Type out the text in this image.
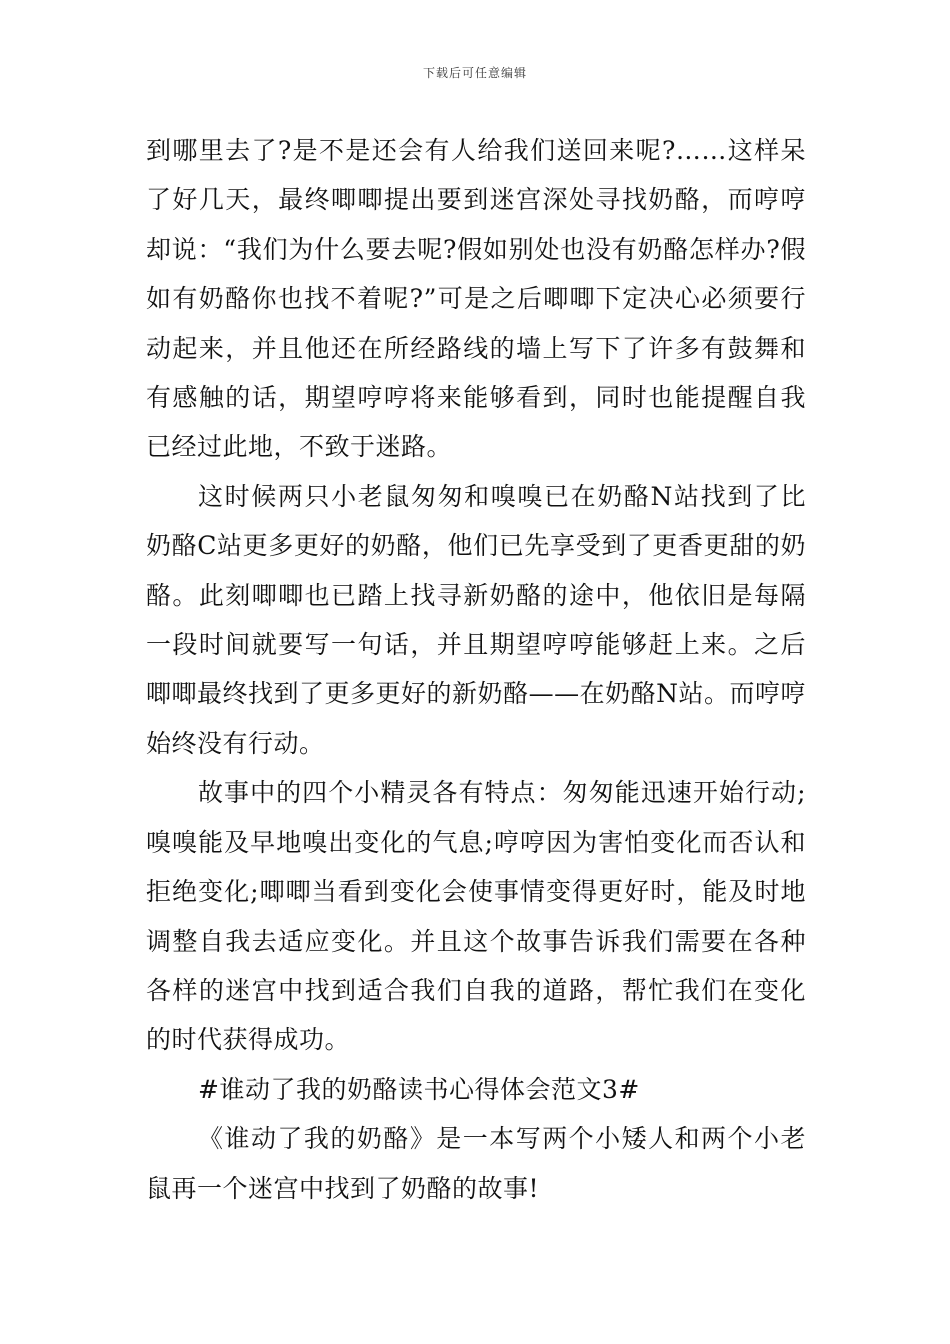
下载后可任意编辑

到哪里去了?是不是还会有人给我们送回来呢?……这样呆了好几天，最终唧唧提出要到迷宫深处寻找奶酪，而哼哼却说：“我们为什么要去呢?假如别处也没有奶酪怎样办?假如有奶酪你也找不着呢?”可是之后唧唧下定决心必须要行动起来，并且他还在所经路线的墙上写下了许多有鼓舞和有感触的话，期望哼哼将来能够看到，同时也能提醒自我已经过此地，不致于迷路。

这时候两只小老鼠匆匆和嗅嗅已在奶酪N站找到了比奶酪C站更多更好的奶酪，他们已先享受到了更香更甜的奶酪。此刻唧唧也已踏上找寻新奶酪的途中，他依旧是每隔一段时间就要写一句话，并且期望哼哼能够赶上来。之后唧唧最终找到了更多更好的新奶酪——在奶酪N站。而哼哼始终没有行动。

故事中的四个小精灵各有特点：匆匆能迅速开始行动;嗅嗅能及早地嗅出变化的气息;哼哼因为害怕变化而否认和拒绝变化;唧唧当看到变化会使事情变得更好时，能及时地调整自我去适应变化。并且这个故事告诉我们需要在各种各样的迷宫中找到适合我们自我的道路，帮忙我们在变化的时代获得成功。

#谁动了我的奶酪读书心得体会范文3#

《谁动了我的奶酪》是一本写两个小矮人和两个小老鼠再一个迷宫中找到了奶酪的故事!
